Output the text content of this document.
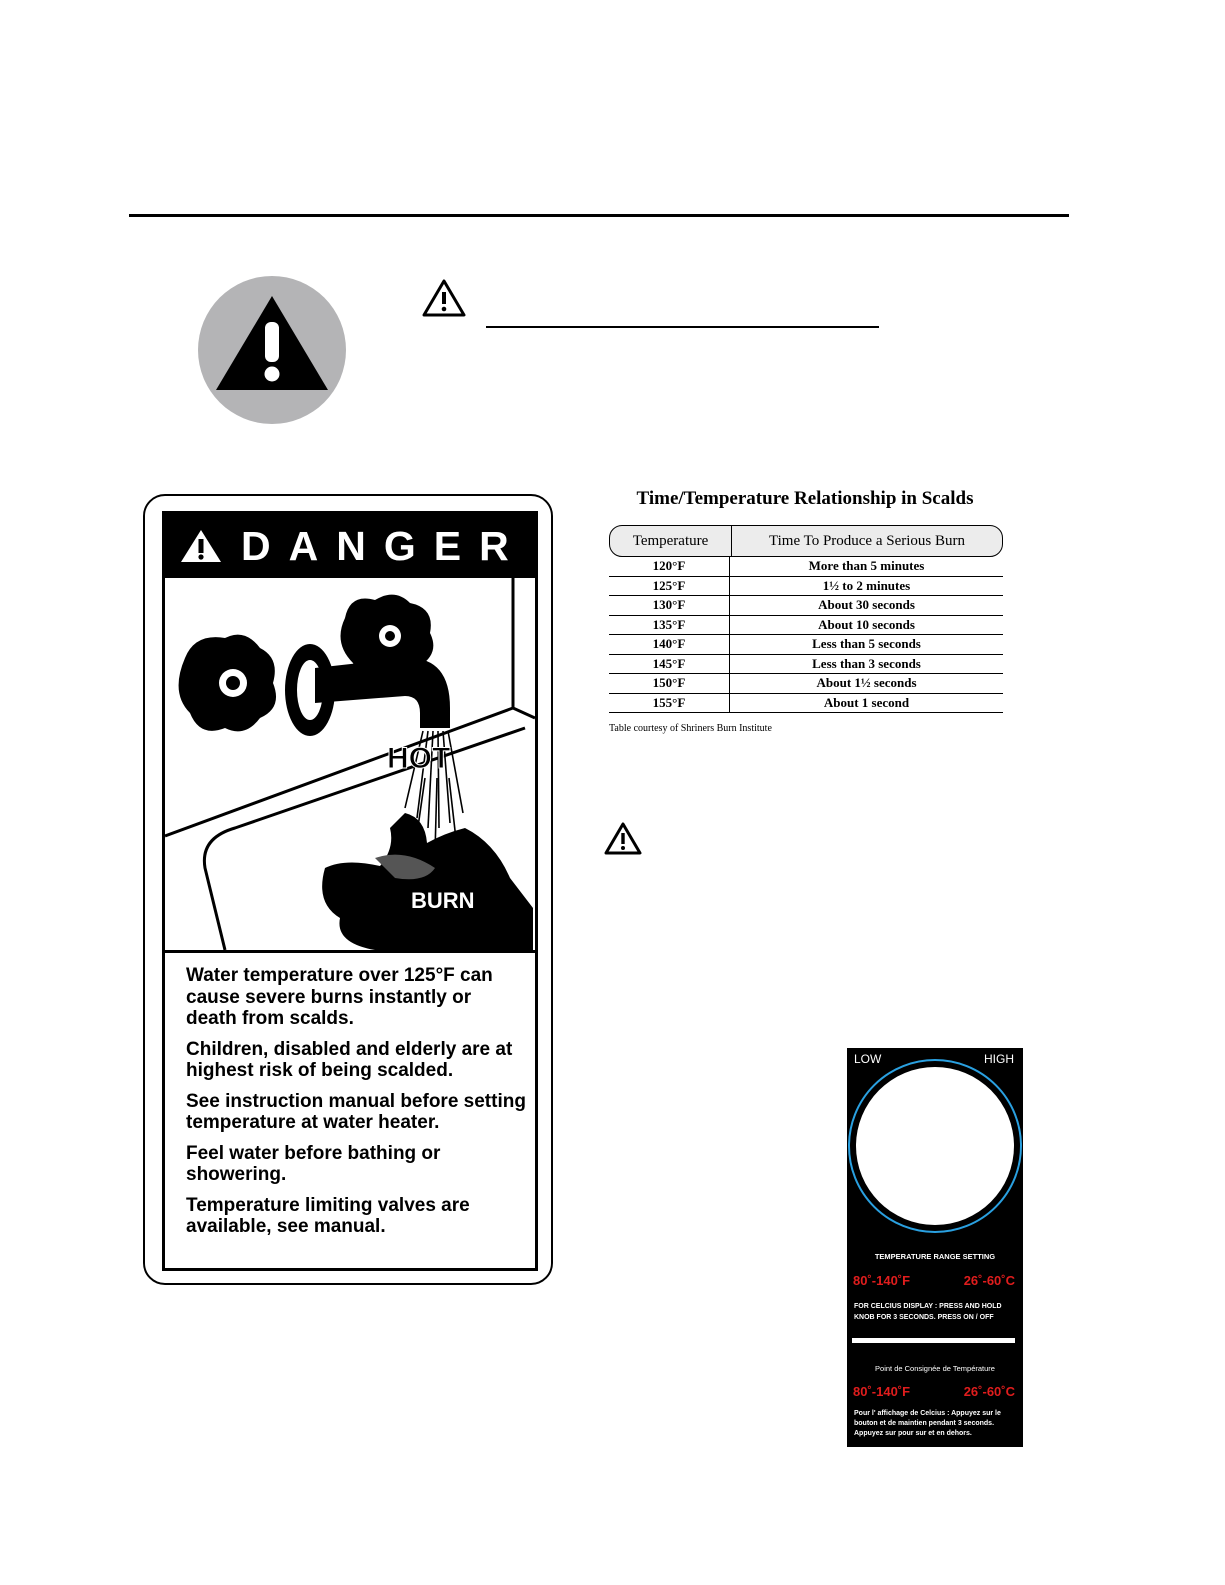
DANGER
HOT
BURN

Water temperature over 125°F can cause severe burns instantly or death from scalds.

Children, disabled and elderly are at highest risk of being scalded.

See instruction manual before setting temperature at water heater.

Feel water before bathing or showering.

Temperature limiting valves are available, see manual.

Time/Temperature Relationship in Scalds
Temperature	Time To Produce a Serious Burn
120°F	More than 5 minutes
125°F	1½ to 2 minutes
130°F	About 30 seconds
135°F	About 10 seconds
140°F	Less than 5 seconds
145°F	Less than 3 seconds
150°F	About 1½ seconds
155°F	About 1 second
Table courtesy of Shriners Burn Institute
LOW	HIGH
TEMPERATURE RANGE SETTING
80˚-140˚F	26˚-60˚C
FOR CELCIUS DISPLAY : PRESS AND HOLD KNOB FOR 3 SECONDS. PRESS ON / OFF
Point de Consignée de Température
80˚-140˚F	26˚-60˚C
Pour l' affichage de Celcius : Appuyez sur le bouton et de maintien pendant 3 seconds. Appuyez sur pour sur et en dehors.
